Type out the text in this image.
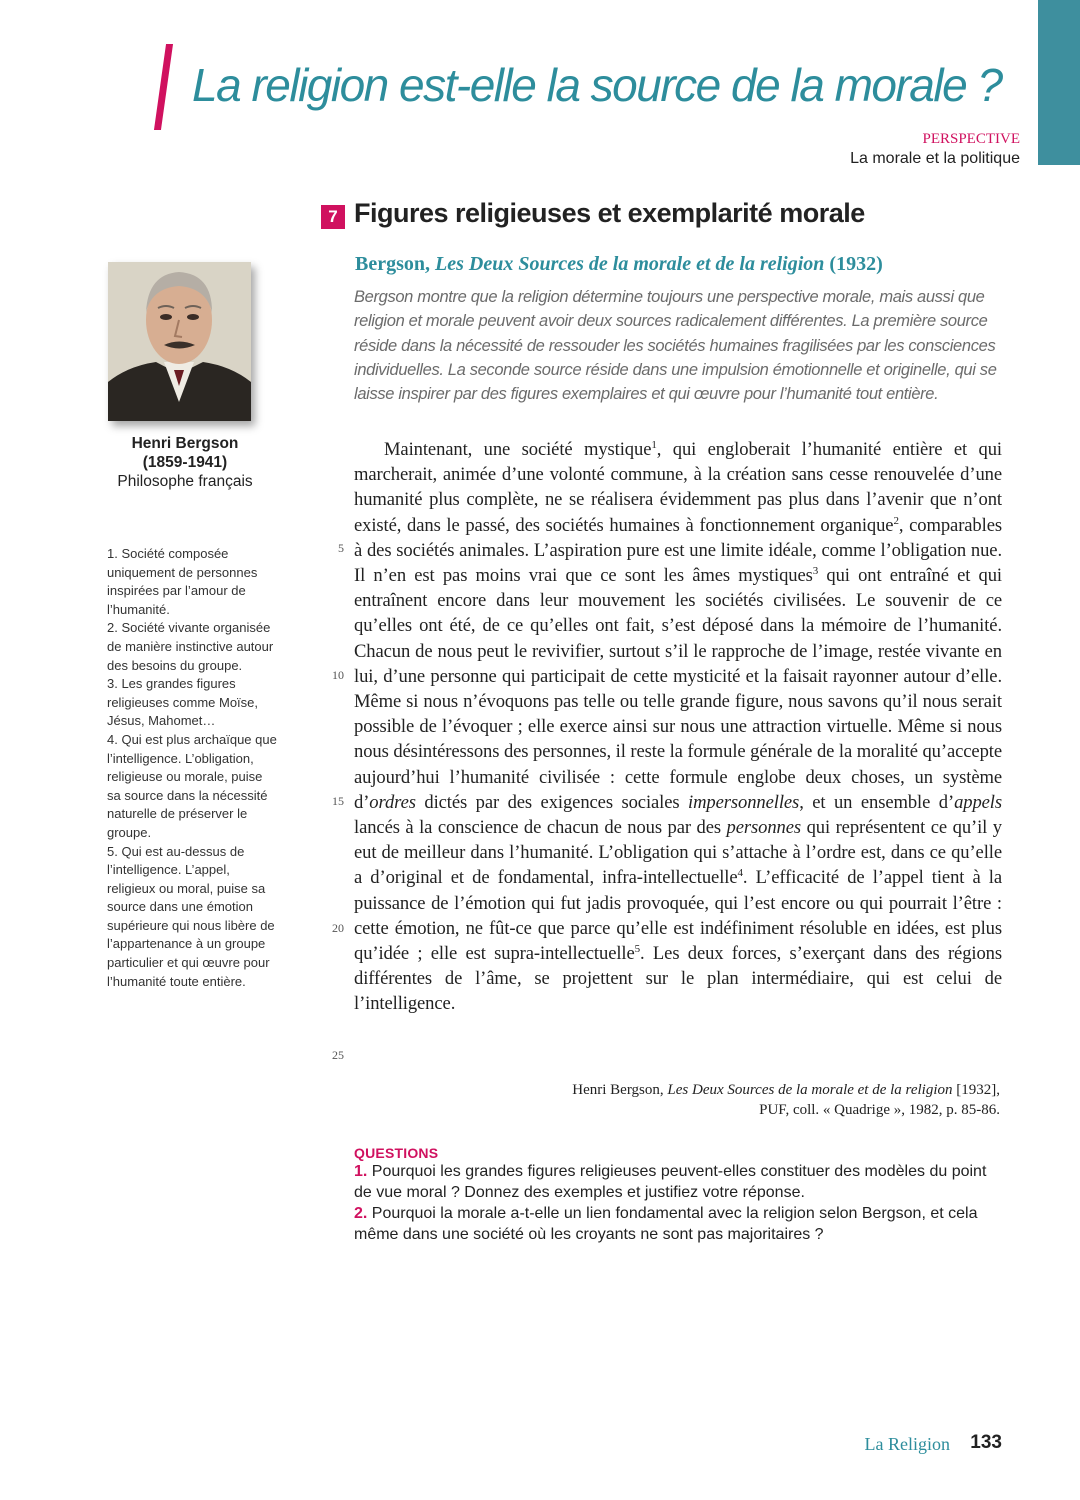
La religion est-elle la source de la morale ?
PERSPECTIVE
La morale et la politique
7 Figures religieuses et exemplarité morale
Bergson, Les Deux Sources de la morale et de la religion (1932)

Bergson montre que la religion détermine toujours une perspective morale, mais aussi que religion et morale peuvent avoir deux sources radicalement différentes. La première source réside dans la nécessité de ressouder les sociétés humaines fragilisées par les consciences individuelles. La seconde source réside dans une impulsion émotionnelle et originelle, qui se laisse inspirer par des figures exemplaires et qui œuvre pour l’humanité tout entière.

Henri Bergson
(1859-1941)
Philosophe français
1. Société composée uniquement de personnes inspirées par l’amour de l’humanité.
2. Société vivante organisée de manière instinctive autour des besoins du groupe.
3. Les grandes figures religieuses comme Moïse, Jésus, Mahomet…
4. Qui est plus archaïque que l’intelligence. L’obligation, religieuse ou morale, puise sa source dans la nécessité naturelle de préserver le groupe.
5. Qui est au-dessus de l’intelligence. L’appel, religieux ou moral, puise sa source dans une émotion supérieure qui nous libère de l’appartenance à un groupe particulier et qui œuvre pour l’humanité toute entière.

Maintenant, une société mystique$^1$, qui engloberait l’humanité entière et qui marcherait, animée d’une volonté commune, à la création sans cesse renouvelée d’une humanité plus complète, ne se réalisera évidemment pas plus dans l’avenir que n’ont existé, dans le passé, des sociétés humaines à fonctionnement organique$^2$, comparables à des sociétés animales. L’aspiration pure est une limite idéale, comme l’obligation nue. Il n’en est pas moins vrai que ce sont les âmes mystiques$^3$ qui ont entraîné et qui entraînent encore dans leur mouvement les sociétés civilisées. Le souvenir de ce qu’elles ont été, de ce qu’elles ont fait, s’est déposé dans la mémoire de l’humanité. Chacun de nous peut le revivifier, surtout s’il le rapproche de l’image, restée vivante en lui, d’une personne qui participait de cette mysticité et la faisait rayonner autour d’elle. Même si nous n’évoquons pas telle ou telle grande figure, nous savons qu’il nous serait possible de l’évoquer ; elle exerce ainsi sur nous une attraction virtuelle. Même si nous nous désintéressons des personnes, il reste la formule générale de la moralité qu’accepte aujourd’hui l’humanité civilisée : cette formule englobe deux choses, un système d’ordres dictés par des exigences sociales impersonnelles, et un ensemble d’appels lancés à la conscience de chacun de nous par des personnes qui représentent ce qu’il y eut de meilleur dans l’humanité. L’obligation qui s’attache à l’ordre est, dans ce qu’elle a d’original et de fondamental, infra-intellectuelle$^4$. L’efficacité de l’appel tient à la puissance de l’émotion qui fut jadis provoquée, qui l’est encore ou qui pourrait l’être : cette émotion, ne fût-ce que parce qu’elle est indéfiniment résoluble en idées, est plus qu’idée ; elle est supra-intellectuelle$^5$. Les deux forces, s’exerçant dans des régions différentes de l’âme, se projettent sur le plan intermédiaire, qui est celui de l’intelligence.

5
10
15
20
25
Henri Bergson, Les Deux Sources de la morale et de la religion [1932],
PUF, coll. « Quadrige », 1982, p. 85-86.
QUESTIONS
1. Pourquoi les grandes figures religieuses peuvent-elles constituer des modèles du point de vue moral ? Donnez des exemples et justifiez votre réponse.
2. Pourquoi la morale a-t-elle un lien fondamental avec la religion selon Bergson, et cela même dans une société où les croyants ne sont pas majoritaires ?
La Religion 133
